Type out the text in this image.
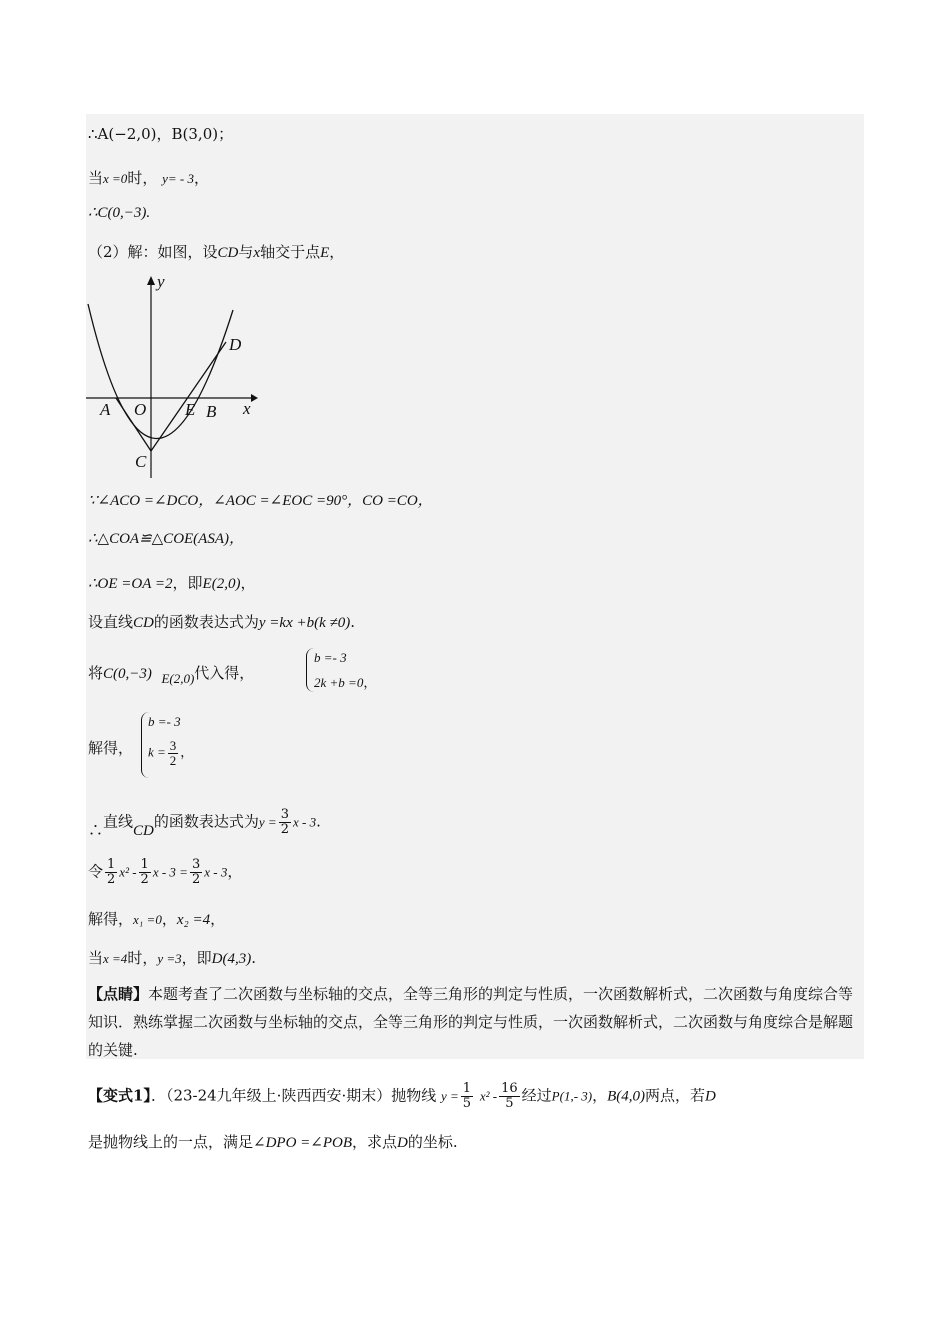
∴A(−2,0)，B(3,0)；
当x =0时， y= - 3，
∴C(0,−3).
（2）解：如图，设CD与x轴交于点E，
y
x
A O E B
C
D
∵∠ACO =∠DCO，∠AOC =∠EOC =90°，CO =CO，
∴△COA≌△COE(ASA)，
∴OE =OA =2，即E(2,0)，
设直线CD的函数表达式为y =kx +b(k ≠0).
将C(0,−3) E(2,0)代入得，
b =- 3
2k +b =0，
解得，
b =- 3
$k = \frac{3}{2}$ ，
∴直线CD的函数表达式为$y = \frac{3}{2}$ x - 3.
令 $\frac{1}{2} x^2 - \frac{1}{2}$ $x - 3 = \frac{3}{2}$ x - 3，
解得，x₁ =0，x₂ =4，
当x =4时，y =3，即D(4,3).
【点睛】本题考查了二次函数与坐标轴的交点，全等三角形的判定与性质，一次函数解析式，二次函数与角度综合等知识．熟练掌握二次函数与坐标轴的交点，全等三角形的判定与性质，一次函数解析式，二次函数与角度综合是解题的关键.
【变式1】．（23-24九年级上·陕西西安·期末）抛物线 $y = \frac{1}{5} x^2 - \frac{16}{5}$ 经过P(1,- 3)，B(4,0)两点，若D
是抛物线上的一点，满足∠DPO =∠POB，求点D的坐标.
